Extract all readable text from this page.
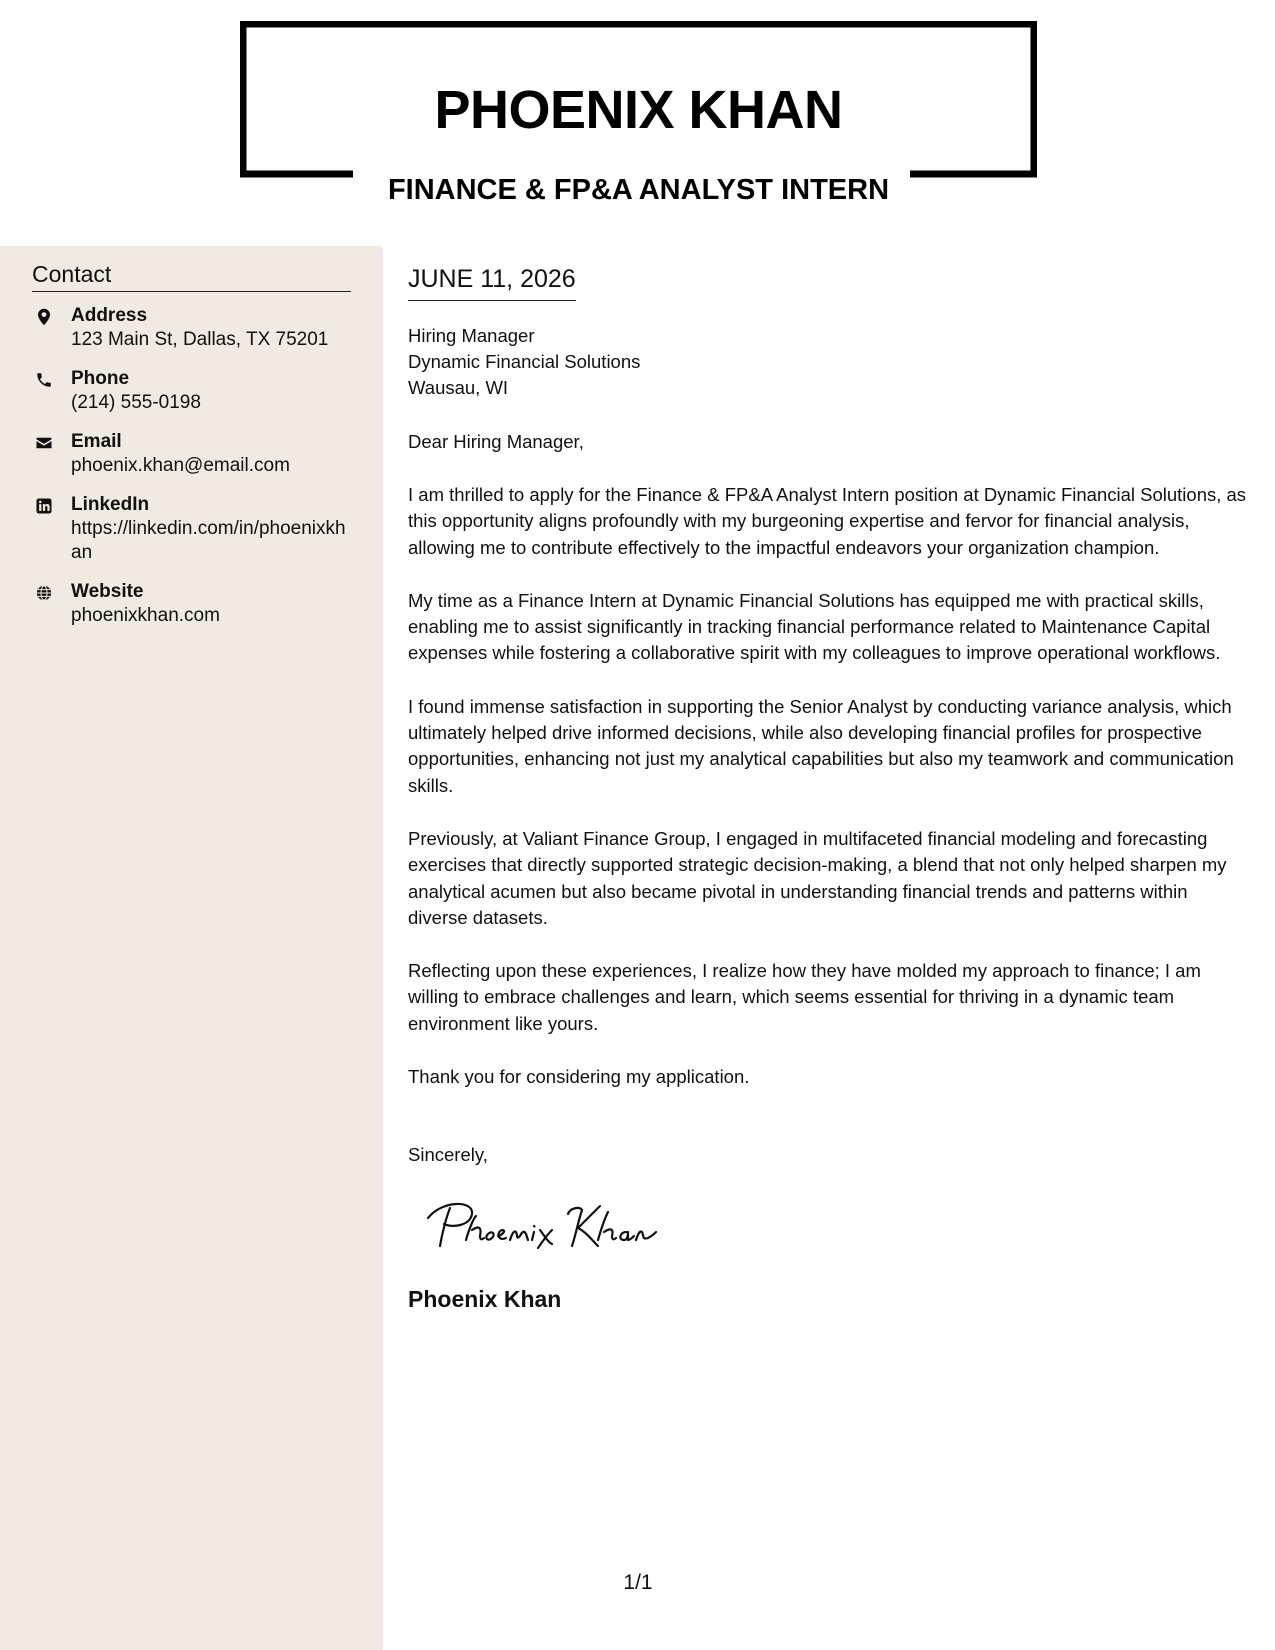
PHOENIX KHAN
FINANCE & FP&A ANALYST INTERN
Contact
Address
123 Main St, Dallas, TX 75201
Phone
(214) 555-0198
Email
phoenix.khan@email.com
LinkedIn
https://linkedin.com/in/phoenixkhan
Website
phoenixkhan.com
JUNE 11, 2026
Hiring Manager
Dynamic Financial Solutions
Wausau, WI
Dear Hiring Manager,

I am thrilled to apply for the Finance & FP&A Analyst Intern position at Dynamic Financial Solutions, as this opportunity aligns profoundly with my burgeoning expertise and fervor for financial analysis, allowing me to contribute effectively to the impactful endeavors your organization champion.

My time as a Finance Intern at Dynamic Financial Solutions has equipped me with practical skills, enabling me to assist significantly in tracking financial performance related to Maintenance Capital expenses while fostering a collaborative spirit with my colleagues to improve operational workflows.

I found immense satisfaction in supporting the Senior Analyst by conducting variance analysis, which ultimately helped drive informed decisions, while also developing financial profiles for prospective opportunities, enhancing not just my analytical capabilities but also my teamwork and communication skills.

Previously, at Valiant Finance Group, I engaged in multifaceted financial modeling and forecasting exercises that directly supported strategic decision-making, a blend that not only helped sharpen my analytical acumen but also became pivotal in understanding financial trends and patterns within diverse datasets.

Reflecting upon these experiences, I realize how they have molded my approach to finance; I am willing to embrace challenges and learn, which seems essential for thriving in a dynamic team environment like yours.

Thank you for considering my application.

Sincerely,
Phoenix Khan
1/1
